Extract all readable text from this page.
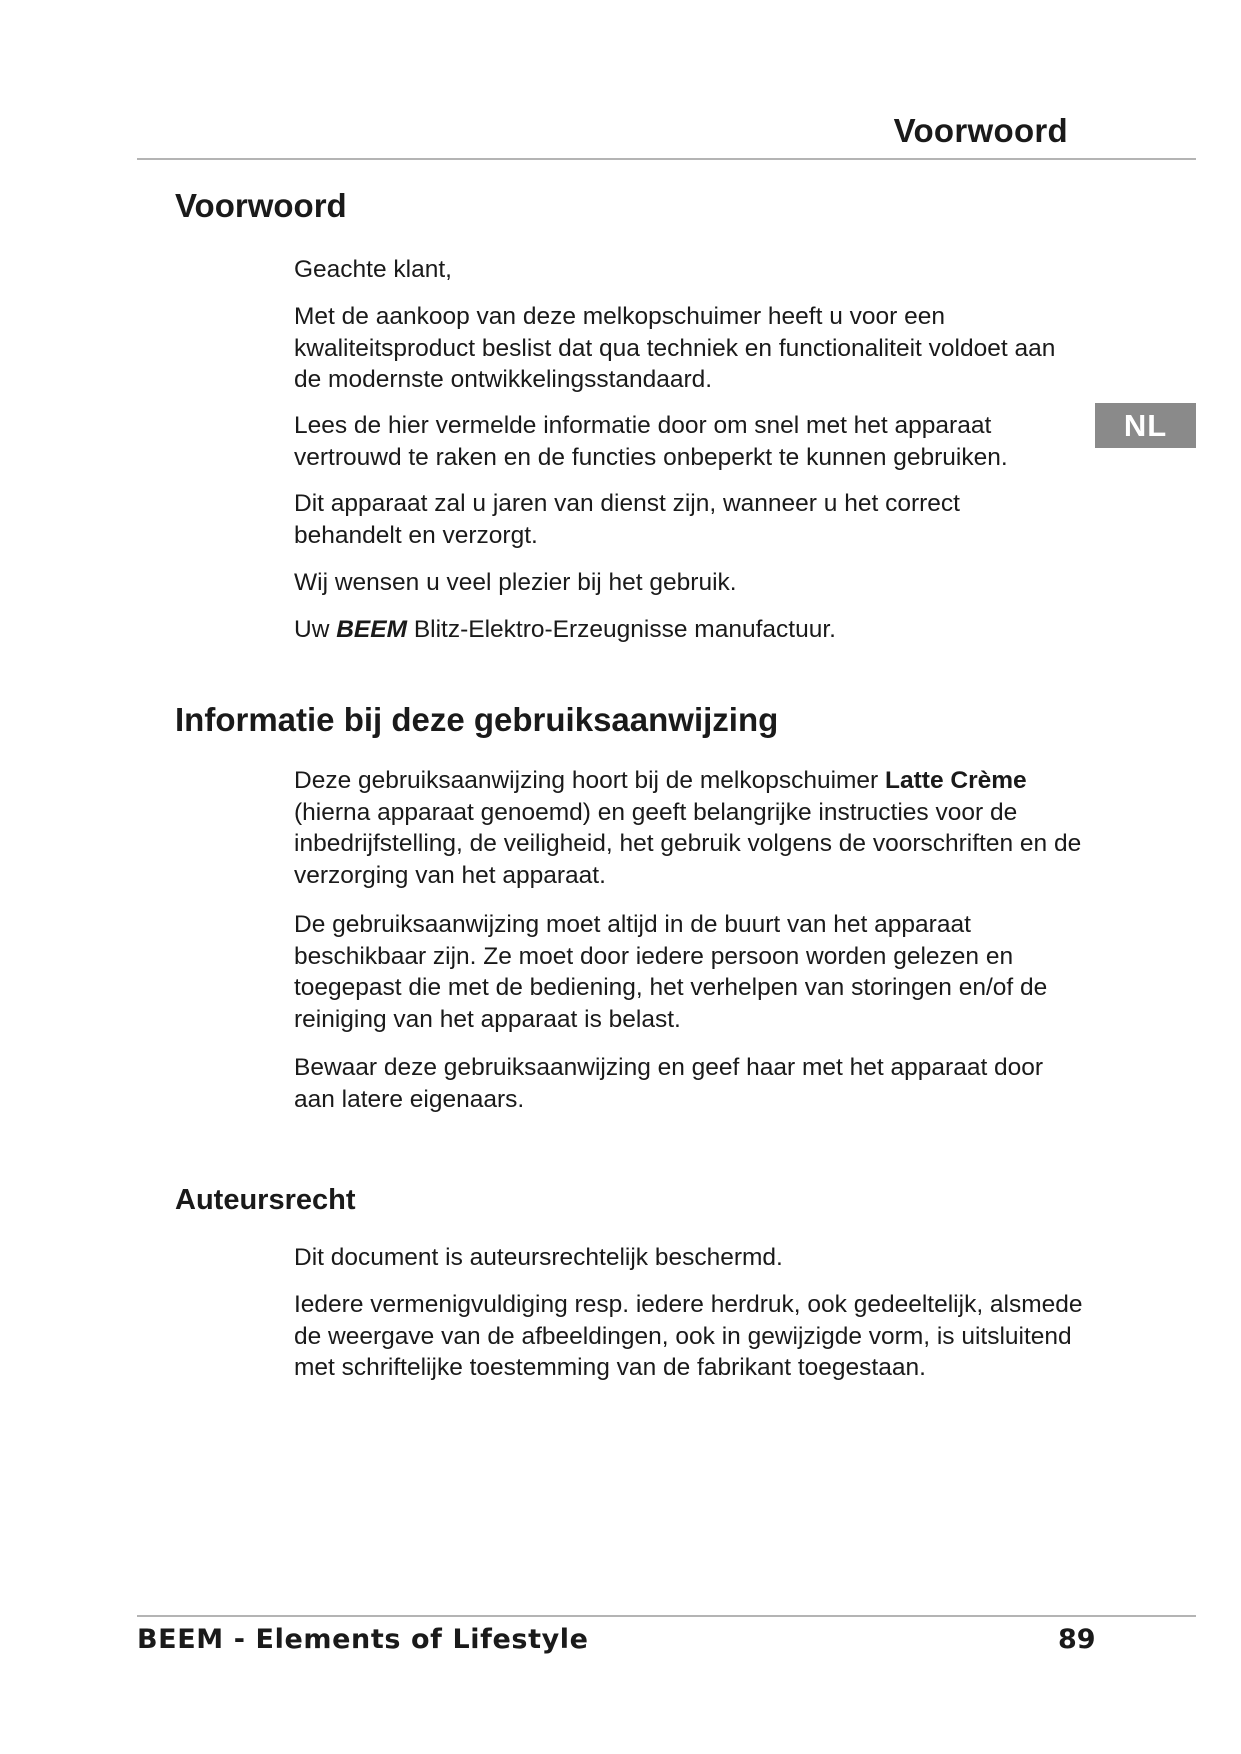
Voorwoord
NL
Voorwoord

Geachte klant,

Met de aankoop van deze melkopschuimer heeft u voor een kwaliteitsproduct beslist dat qua techniek en functionaliteit voldoet aan de modernste ontwikkelingsstandaard.

Lees de hier vermelde informatie door om snel met het apparaat vertrouwd te raken en de functies onbeperkt te kunnen gebruiken.

Dit apparaat zal u jaren van dienst zijn, wanneer u het correct behandelt en verzorgt.

Wij wensen u veel plezier bij het gebruik.

Uw BEEM Blitz-Elektro-Erzeugnisse manufactuur.

Informatie bij deze gebruiksaanwijzing

Deze gebruiksaanwijzing hoort bij de melkopschuimer Latte Crème (hierna apparaat genoemd) en geeft belangrijke instructies voor de inbedrijfstelling, de veiligheid, het gebruik volgens de voorschriften en de verzorging van het apparaat.

De gebruiksaanwijzing moet altijd in de buurt van het apparaat beschikbaar zijn. Ze moet door iedere persoon worden gelezen en toegepast die met de bediening, het verhelpen van storingen en/of de reiniging van het apparaat is belast.

Bewaar deze gebruiksaanwijzing en geef haar met het apparaat door aan latere eigenaars.

Auteursrecht

Dit document is auteursrechtelijk beschermd.

Iedere vermenigvuldiging resp. iedere herdruk, ook gedeeltelijk, alsmede de weergave van de afbeeldingen, ook in gewijzigde vorm, is uitsluitend met schriftelijke toestemming van de fabrikant toegestaan.

BEEM - Elements of Lifestyle	89
